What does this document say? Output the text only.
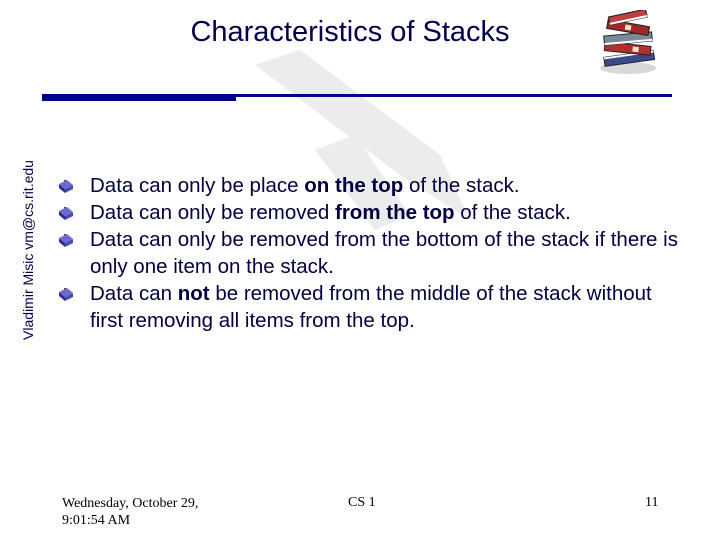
Characteristics of Stacks
Vladimir Misic vm@cs.rit.edu	Data can only be place on the top of the stack.
Data can only be removed from the top of the stack.
Data can only be removed from the bottom of the stack if there is only one item on the stack.
Data can not be removed from the middle of the stack without first removing all items from the top.
Wednesday, October 29, 9:01:54 AM
CS 1	11
